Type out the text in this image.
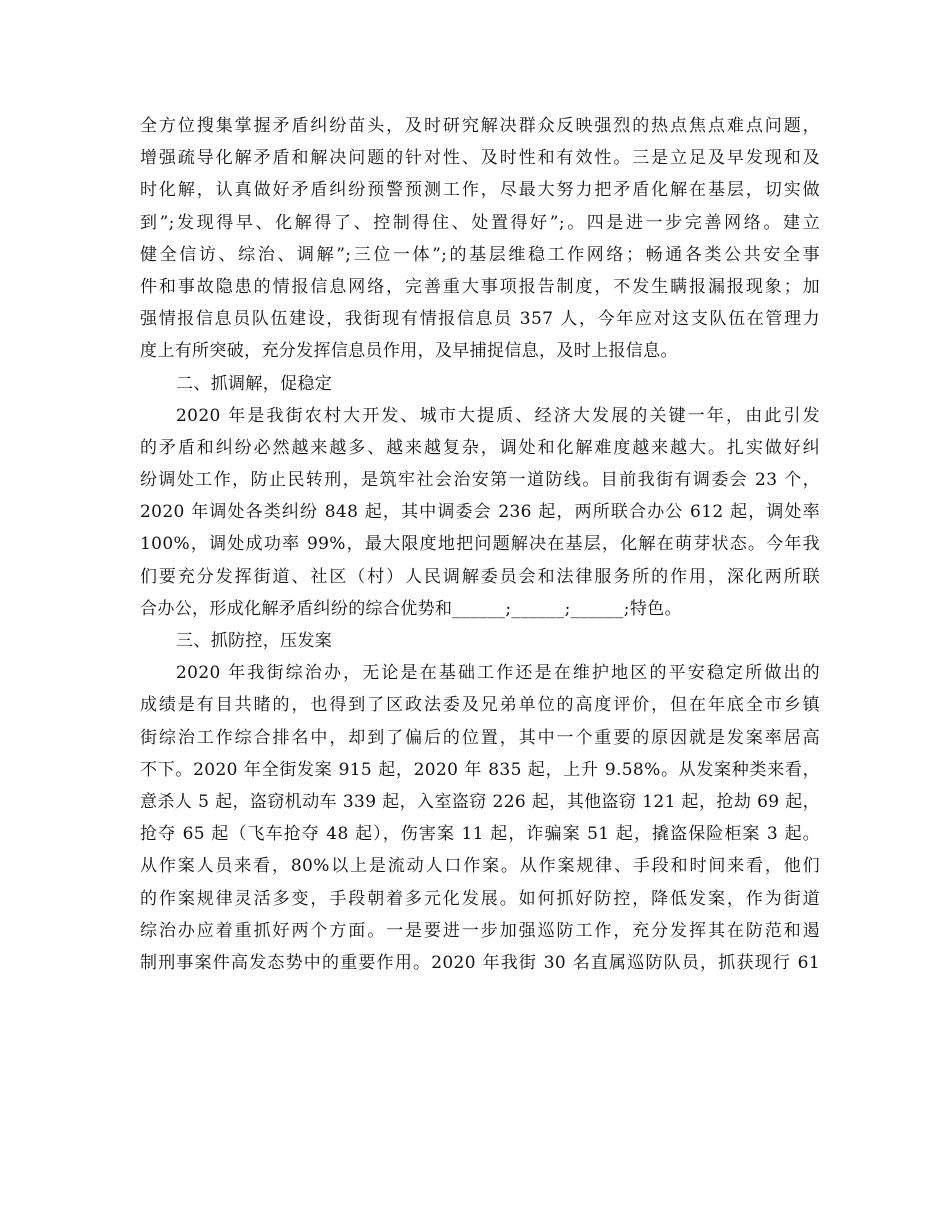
全方位搜集掌握矛盾纠纷苗头，及时研究解决群众反映强烈的热点焦点难点问题，
增强疏导化解矛盾和解决问题的针对性、及时性和有效性。三是立足及早发现和及
时化解，认真做好矛盾纠纷预警预测工作，尽最大努力把矛盾化解在基层，切实做
到”;发现得早、化解得了、控制得住、处置得好”;。四是进一步完善网络。建立
健全信访、综治、调解”;三位一体”;的基层维稳工作网络；畅通各类公共安全事
件和事故隐患的情报信息网络，完善重大事项报告制度，不发生瞒报漏报现象；加
强情报信息员队伍建设，我街现有情报信息员 357 人，今年应对这支队伍在管理力
度上有所突破，充分发挥信息员作用，及早捕捉信息，及时上报信息。
二、抓调解，促稳定
2020 年是我街农村大开发、城市大提质、经济大发展的关键一年，由此引发
的矛盾和纠纷必然越来越多、越来越复杂，调处和化解难度越来越大。扎实做好纠
纷调处工作，防止民转刑，是筑牢社会治安第一道防线。目前我街有调委会 23 个，
2020 年调处各类纠纷 848 起，其中调委会 236 起，两所联合办公 612 起，调处率
100%，调处成功率 99%，最大限度地把问题解决在基层，化解在萌芽状态。今年我
们要充分发挥街道、社区（村）人民调解委员会和法律服务所的作用，深化两所联
合办公，形成化解矛盾纠纷的综合优势和______;______;______;特色。
三、抓防控，压发案
2020 年我街综治办，无论是在基础工作还是在维护地区的平安稳定所做出的
成绩是有目共睹的，也得到了区政法委及兄弟单位的高度评价，但在年底全市乡镇
街综治工作综合排名中，却到了偏后的位置，其中一个重要的原因就是发案率居高
不下。2020 年全街发案 915 起，2020 年 835 起，上升 9.58%。从发案种类来看，
意杀人 5 起，盗窃机动车 339 起，入室盗窃 226 起，其他盗窃 121 起，抢劫 69 起，
抢夺 65 起（飞车抢夺 48 起），伤害案 11 起，诈骗案 51 起，撬盗保险柜案 3 起。
从作案人员来看，80%以上是流动人口作案。从作案规律、手段和时间来看，他们
的作案规律灵活多变，手段朝着多元化发展。如何抓好防控，降低发案，作为街道
综治办应着重抓好两个方面。一是要进一步加强巡防工作，充分发挥其在防范和遏
制刑事案件高发态势中的重要作用。2020 年我街 30 名直属巡防队员，抓获现行 61
